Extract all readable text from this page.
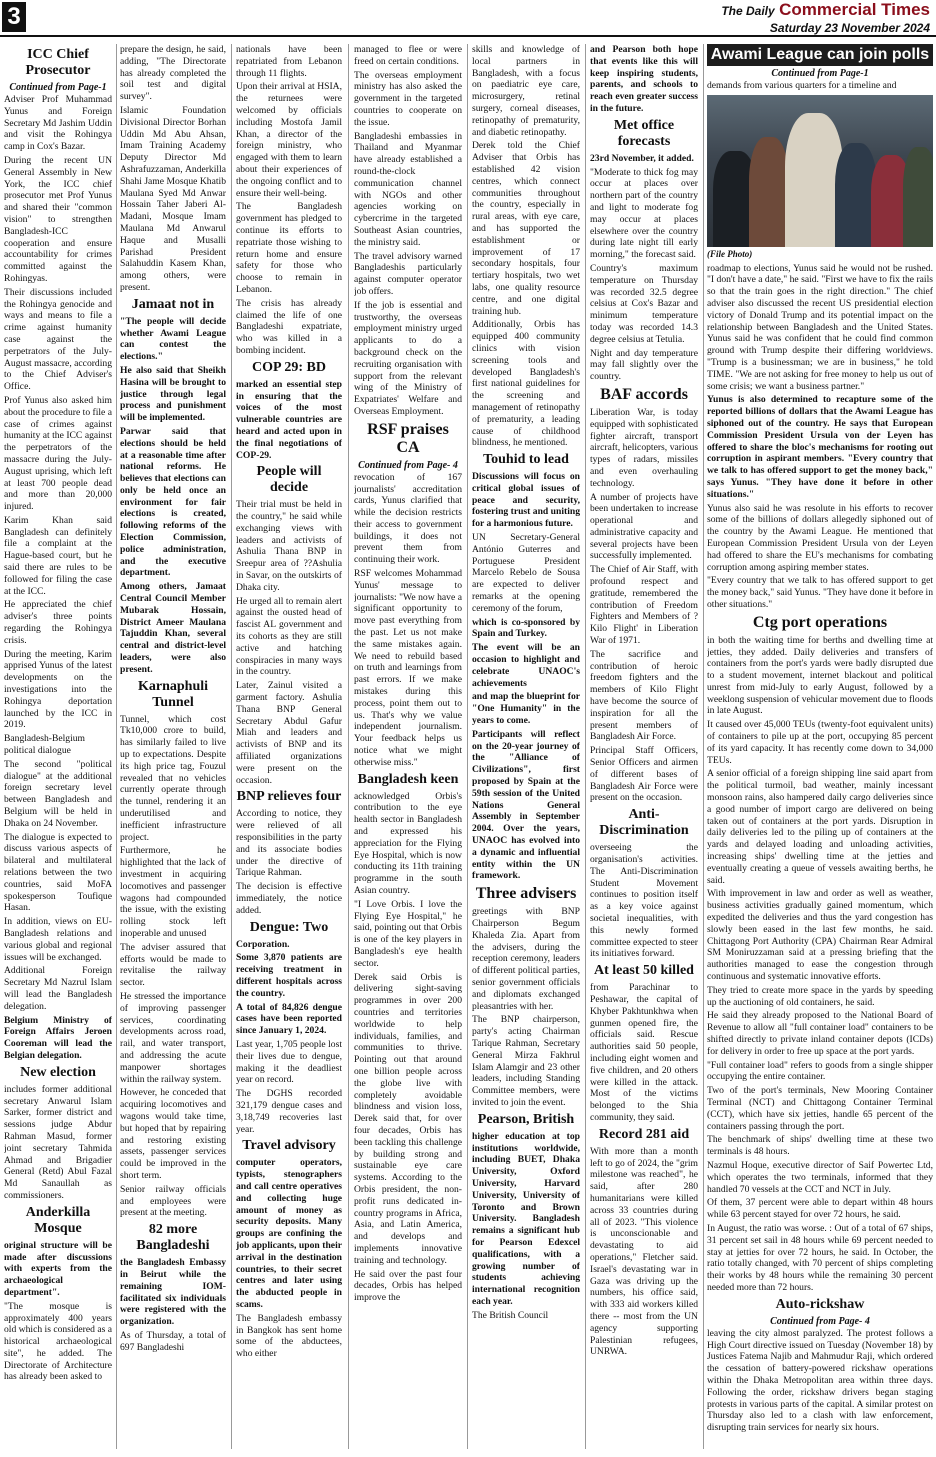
3	The Daily Commercial Times
Saturday 23 November 2024
ICC Chief Prosecutor
Continued from Page-1

Adviser Prof Muhammad Yunus and Foreign Secretary Md Jashim Uddin and visit the Rohingya camp in Cox's Bazar.

During the recent UN General Assembly in New York, the ICC chief prosecutor met Prof Yunus and shared their "common vision" to strengthen Bangladesh-ICC cooperation and ensure accountability for crimes committed against the Rohingyas.

Their discussions included the Rohingya genocide and ways and means to file a crime against humanity case against the perpetrators of the July-August massacre, according to the Chief Adviser's Office.

Prof Yunus also asked him about the procedure to file a case of crimes against humanity at the ICC against the perpetrators of the massacre during the July-August uprising, which left at least 700 people dead and more than 20,000 injured.

Karim Khan said Bangladesh can definitely file a complaint at the Hague-based court, but he said there are rules to be followed for filing the case at the ICC.

He appreciated the chief adviser's three points regarding the Rohingya crisis.

During the meeting, Karim apprised Yunus of the latest developments on the investigations into the Rohingya deportation launched by the ICC in 2019.

Bangladesh-Belgium political dialogue

The second "political dialogue" at the additional foreign secretary level between Bangladesh and Belgium will be held in Dhaka on 24 November.

The dialogue is expected to discuss various aspects of bilateral and multilateral relations between the two countries, said MoFA spokesperson Toufique Hasan.

In addition, views on EU-Bangladesh relations and various global and regional issues will be exchanged.

Additional Foreign Secretary Md Nazrul Islam will lead the Bangladesh delegation.

Belgium Ministry of Foreign Affairs Jeroen Cooreman will lead the Belgian delegation.

New election

includes former additional secretary Anwarul Islam Sarker, former district and sessions judge Abdur Rahman Masud, former joint secretary Tahmida Ahmad and Brigadier General (Retd) Abul Fazal Md Sanaullah as commissioners.

Anderkilla Mosque

original structure will be made after discussions with experts from the archaeological department".

"The mosque is approximately 400 years old which is considered as a historical archaeological site", he added. The Directorate of Architecture has already been asked to

prepare the design, he said, adding, "The Directorate has already completed the soil test and digital survey".

Islamic Foundation Divisional Director Borhan Uddin Md Abu Ahsan, Imam Training Academy Deputy Director Md Ashrafuzzaman, Anderkilla Shahi Jame Mosque Khatib Maulana Syed Md Anwar Hossain Taher Jaberi Al-Madani, Mosque Imam Maulana Md Anwarul Haque and Musalli Parishad President Salahuddin Kasem Khan, among others, were present.

Jamaat not in

"The people will decide whether Awami League can contest the elections."

He also said that Sheikh Hasina will be brought to justice through legal process and punishment will be implemented.

Parwar said that elections should be held at a reasonable time after national reforms. He believes that elections can only be held once an environment for fair elections is created, following reforms of the Election Commission, police administration, and the executive department.

Among others, Jamaat Central Council Member Mubarak Hossain, District Ameer Maulana Tajuddin Khan, several central and district-level leaders, were also present.

Karnaphuli Tunnel

Tunnel, which cost Tk10,000 crore to build, has similarly failed to live up to expectations. Despite its high price tag, Fouzul revealed that no vehicles currently operate through the tunnel, rendering it an underutilised and inefficient infrastructure project.

Furthermore, he highlighted that the lack of investment in acquiring locomotives and passenger wagons had compounded the issue, with the existing rolling stock left inoperable and unused

The adviser assured that efforts would be made to revitalise the railway sector.

He stressed the importance of improving passenger services, coordinating developments across road, rail, and water transport, and addressing the acute manpower shortages within the railway system.

However, he conceded that acquiring locomotives and wagons would take time, but hoped that by repairing and restoring existing assets, passenger services could be improved in the short term.

Senior railway officials and employees were present at the meeting.

82 more Bangladeshi

the Bangladesh Embassy in Beirut while the remaining IOM-facilitated six individuals were registered with the organization.

As of Thursday, a total of 697 Bangladeshi

nationals have been repatriated from Lebanon through 11 flights.

Upon their arrival at HSIA, the returnees were welcomed by officials including Mostofa Jamil Khan, a director of the foreign ministry, who engaged with them to learn about their experiences of the ongoing conflict and to ensure their well-being.

The Bangladesh government has pledged to continue its efforts to repatriate those wishing to return home and ensure safety for those who choose to remain in Lebanon.

The crisis has already claimed the life of one Bangladeshi expatriate, who was killed in a bombing incident.

COP 29: BD

marked an essential step in ensuring that the voices of the most vulnerable countries are heard and acted upon in the final negotiations of COP-29.

People will decide

Their trial must be held in the country," he said while exchanging views with leaders and activists of Ashulia Thana BNP in Sreepur area of ??Ashulia in Savar, on the outskirts of Dhaka city.

He urged all to remain alert against the ousted head of fascist AL government and its cohorts as they are still active and hatching conspiracies in many ways in the country.

Later, Zainul visited a garment factory. Ashulia Thana BNP General Secretary Abdul Gafur Miah and leaders and activists of BNP and its affiliated organizations were present on the occasion.

BNP relieves four

According to notice, they were relieved of all responsibilities in the party and its associate bodies under the directive of Tarique Rahman.

The decision is effective immediately, the notice added.

Dengue: Two

Corporation.

Some 3,870 patients are receiving treatment in different hospitals across the country.

A total of 84,826 dengue cases have been reported since January 1, 2024.

Last year, 1,705 people lost their lives due to dengue, making it the deadliest year on record.

The DGHS recorded 321,179 dengue cases and 3,18,749 recoveries last year.

Travel advisory

computer operators, typists, stenographers and call centre operatives and collecting huge amount of money as security deposits. Many groups are confining the job applicants, upon their arrival in the destination countries, to their secret centres and later using the abducted people in scams.

The Bangladesh embassy in Bangkok has sent home some of the abductees, who either

managed to flee or were freed on certain conditions.

The overseas employment ministry has also asked the government in the targeted countries to cooperate on the issue.

Bangladeshi embassies in Thailand and Myanmar have already established a round-the-clock communication channel with NGOs and other agencies working on cybercrime in the targeted Southeast Asian countries, the ministry said.

The travel advisory warned Bangladeshis particularly against computer operator job offers.

If the job is essential and trustworthy, the overseas employment ministry urged applicants to do a background check on the recruiting organisation with support from the relevant wing of the Ministry of Expatriates' Welfare and Overseas Employment.

RSF praises CA
Continued from Page- 4

revocation of 167 journalists' accreditation cards, Yunus clarified that while the decision restricts their access to government buildings, it does not prevent them from continuing their work.

RSF welcomes Mohammad Yunus' message to journalists: "We now have a significant opportunity to move past everything from the past. Let us not make the same mistakes again. We need to rebuild based on truth and learnings from past errors. If we make mistakes during this process, point them out to us. That's why we value independent journalism. Your feedback helps us notice what we might otherwise miss."

Bangladesh keen

acknowledged Orbis's contribution to the eye health sector in Bangladesh and expressed his appreciation for the Flying Eye Hospital, which is now conducting its 11th training programme in the south Asian country.

"I Love Orbis. I love the Flying Eye Hospital," he said, pointing out that Orbis is one of the key players in Bangladesh's eye health sector.

Derek said Orbis is delivering sight-saving programmes in over 200 countries and territories worldwide to help individuals, families, and communities to thrive. Pointing out that around one billion people across the globe live with completely avoidable blindness and vision loss, Derek said that, for over four decades, Orbis has been tackling this challenge by building strong and sustainable eye care systems. According to the Orbis president, the non-profit runs dedicated in-country programs in Africa, Asia, and Latin America, and develops and implements innovative training and technology.

He said over the past four decades, Orbis has helped improve the

skills and knowledge of local partners in Bangladesh, with a focus on paediatric eye care, microsurgery, retinal surgery, corneal diseases, retinopathy of prematurity, and diabetic retinopathy.

Derek told the Chief Adviser that Orbis has established 42 vision centres, which connect communities throughout the country, especially in rural areas, with eye care, and has supported the establishment or improvement of 17 secondary hospitals, four tertiary hospitals, two wet labs, one quality resource centre, and one digital training hub.

Additionally, Orbis has equipped 400 community clinics with vision screening tools and developed Bangladesh's first national guidelines for the screening and management of retinopathy of prematurity, a leading cause of childhood blindness, he mentioned.

Touhid to lead

Discussions will focus on critical global issues of peace and security, fostering trust and uniting for a harmonious future.

UN Secretary-General António Guterres and Portuguese President Marcelo Rebelo de Sousa are expected to deliver remarks at the opening ceremony of the forum,

which is co-sponsored by Spain and Turkey.

The event will be an occasion to highlight and celebrate UNAOC's achievements

and map the blueprint for "One Humanity" in the years to come.

Participants will reflect on the 20-year journey of the "Alliance of Civilizations", first proposed by Spain at the 59th session of the United Nations General Assembly in September 2004. Over the years, UNAOC has evolved into a dynamic and influential entity within the UN framework.

Three advisers

greetings with BNP Chairperson Begum Khaleda Zia. Apart from the advisers, during the reception ceremony, leaders of different political parties, senior government officials and diplomats exchanged pleasantries with her.

The BNP chairperson, party's acting Chairman Tarique Rahman, Secretary General Mirza Fakhrul Islam Alamgir and 23 other leaders, including Standing Committee members, were invited to join the event.

Pearson, British

higher education at top institutions worldwide, including BUET, Dhaka University, Oxford University, Harvard University, University of Toronto and Brown University. Bangladesh remains a significant hub for Pearson Edexcel qualifications, with a growing number of students achieving international recognition each year.

The British Council

and Pearson both hope that events like this will keep inspiring students, parents, and schools to reach even greater success in the future.

Met office forecasts

23rd November, it added.

"Moderate to thick fog may occur at places over northern part of the country and light to moderate fog may occur at places elsewhere over the country during late night till early morning," the forecast said.

Country's maximum temperature on Thursday was recorded 32.5 degree celsius at Cox's Bazar and minimum temperature today was recorded 14.3 degree celsius at Tetulia.

Night and day temperature may fall slightly over the country.

BAF accords

Liberation War, is today equipped with sophisticated fighter aircraft, transport aircraft, helicopters, various types of radars, missiles and even overhauling technology.

A number of projects have been undertaken to increase operational and administrative capacity and several projects have been successfully implemented.

The Chief of Air Staff, with profound respect and gratitude, remembered the contribution of Freedom Fighters and Members of ?Kilo Flight' in Liberation War of 1971.

The sacrifice and contribution of heroic freedom fighters and the members of Kilo Flight have become the source of inspiration for all the present members of Bangladesh Air Force.

Principal Staff Officers, Senior Officers and airmen of different bases of Bangladesh Air Force were present on the occasion.

Anti-Discrimination

overseeing the organisation's activities. The Anti-Discrimination Student Movement continues to position itself as a key voice against societal inequalities, with this newly formed committee expected to steer its initiatives forward.

At least 50 killed

from Parachinar to Peshawar, the capital of Khyber Pakhtunkhwa when gunmen opened fire, the officials said. Rescue authorities said 50 people, including eight women and five children, and 20 others were killed in the attack. Most of the victims belonged to the Shia community, they said.

Record 281 aid

With more than a month left to go of 2024, the "grim milestone was reached", he said, after 280 humanitarians were killed across 33 countries during all of 2023. "This violence is unconscionable and devastating to aid operations," Fletcher said. Israel's devastating war in Gaza was driving up the numbers, his office said, with 333 aid workers killed there -- most from the UN agency supporting Palestinian refugees, UNRWA.

Awami League can join polls
Continued from Page-1

demands from various quarters for a timeline and

(File Photo)

roadmap to elections, Yunus said he would not be rushed. "I don't have a date," he said. "First we have to fix the rails so that the train goes in the right direction." The chief adviser also discussed the recent US presidential election victory of Donald Trump and its potential impact on the relationship between Bangladesh and the United States. Yunus said he was confident that he could find common ground with Trump despite their differing worldviews. "Trump is a businessman; we are in business," he told TIME. "We are not asking for free money to help us out of some crisis; we want a business partner."

Yunus is also determined to recapture some of the reported billions of dollars that the Awami League has siphoned out of the country. He says that European Commission President Ursula von der Leyen has offered to share the bloc's mechanisms for rooting out corruption in aspirant members. "Every country that we talk to has offered support to get the money back," says Yunus. "They have done it before in other situations."

Yunus also said he was resolute in his efforts to recover some of the billions of dollars allegedly siphoned out of the country by the Awami League. He mentioned that European Commission President Ursula von der Leyen had offered to share the EU's mechanisms for combating corruption among aspiring member states.

"Every country that we talk to has offered support to get the money back," said Yunus. "They have done it before in other situations."

Ctg port operations

in both the waiting time for berths and dwelling time at jetties, they added. Daily deliveries and transfers of containers from the port's yards were badly disrupted due to a student movement, internet blackout and political unrest from mid-July to early August, followed by a weeklong suspension of vehicular movement due to floods in late August.

It caused over 45,000 TEUs (twenty-foot equivalent units) of containers to pile up at the port, occupying 85 percent of its yard capacity. It has recently come down to 34,000 TEUs.

A senior official of a foreign shipping line said apart from the political turmoil, bad weather, mainly incessant monsoon rains, also hampered daily cargo deliveries since a good number of import cargo are delivered on being taken out of containers at the port yards. Disruption in daily deliveries led to the piling up of containers at the yards and delayed loading and unloading activities, increasing ships' dwelling time at the jetties and eventually creating a queue of vessels awaiting berths, he said.

With improvement in law and order as well as weather, business activities gradually gained momentum, which expedited the deliveries and thus the yard congestion has slowly been eased in the last few months, he said. Chittagong Port Authority (CPA) Chairman Rear Admiral SM Moniruzzaman said at a pressing briefing that the authorities managed to ease the congestion through continuous and systematic innovative efforts.

They tried to create more space in the yards by speeding up the auctioning of old containers, he said.

He said they already proposed to the National Board of Revenue to allow all "full container load" containers to be shifted directly to private inland container depots (ICDs) for delivery in order to free up space at the port yards.

"Full container load" refers to goods from a single shipper occupying the entire container.

Two of the port's terminals, New Mooring Container Terminal (NCT) and Chittagong Container Terminal (CCT), which have six jetties, handle 65 percent of the containers passing through the port.

The benchmark of ships' dwelling time at these two terminals is 48 hours.

Nazmul Hoque, executive director of Saif Powertec Ltd, which operates the two terminals, informed that they handled 70 vessels at the CCT and NCT in July.

Of them, 37 percent were able to depart within 48 hours while 63 percent stayed for over 72 hours, he said.

In August, the ratio was worse. : Out of a total of 67 ships, 31 percent set sail in 48 hours while 69 percent needed to stay at jetties for over 72 hours, he said. In October, the ratio totally changed, with 70 percent of ships completing their works by 48 hours while the remaining 30 percent needed more than 72 hours.

Auto-rickshaw
Continued from Page- 4

leaving the city almost paralyzed. The protest follows a High Court directive issued on Tuesday (November 18) by Justices Fatema Najib and Mahmudur Raji, which ordered the cessation of battery-powered rickshaw operations within the Dhaka Metropolitan area within three days. Following the order, rickshaw drivers began staging protests in various parts of the capital. A similar protest on Thursday also led to a clash with law enforcement, disrupting train services for nearly six hours.
